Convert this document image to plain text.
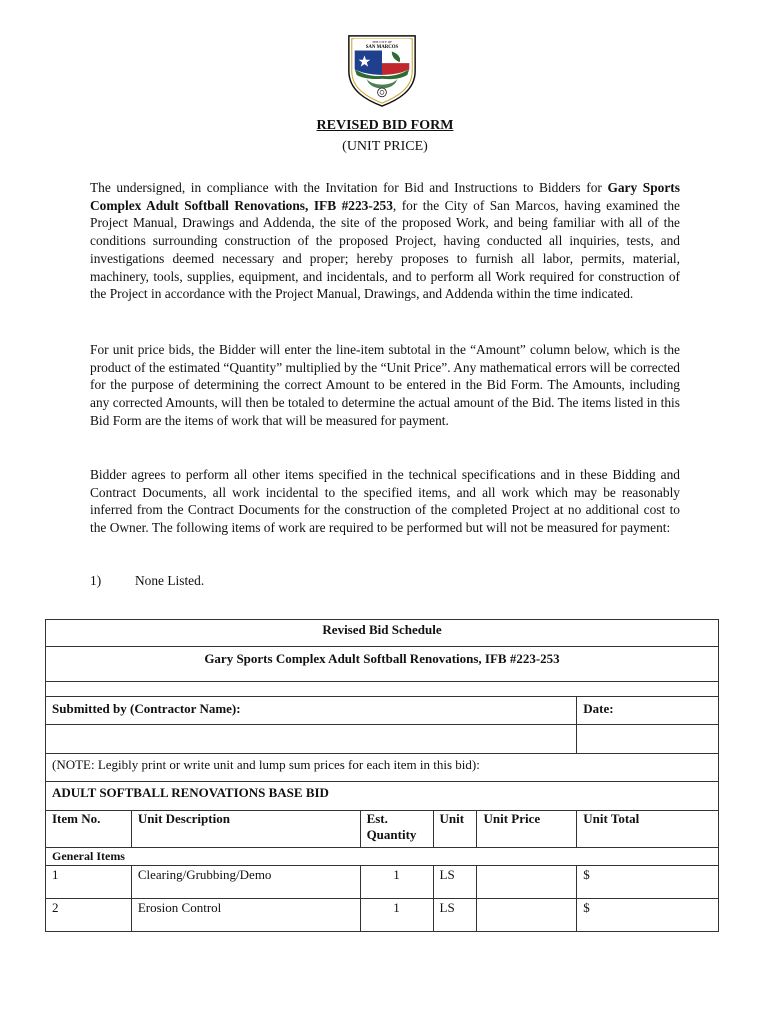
THE CITY OF
SAN MARCOS
REVISED BID FORM
(UNIT PRICE)

The undersigned, in compliance with the Invitation for Bid and Instructions to Bidders for Gary Sports Complex Adult Softball Renovations, IFB #223-253, for the City of San Marcos, having examined the Project Manual, Drawings and Addenda, the site of the proposed Work, and being familiar with all of the conditions surrounding construction of the proposed Project, having conducted all inquiries, tests, and investigations deemed necessary and proper; hereby proposes to furnish all labor, permits, material, machinery, tools, supplies, equipment, and incidentals, and to perform all Work required for construction of the Project in accordance with the Project Manual, Drawings, and Addenda within the time indicated.

For unit price bids, the Bidder will enter the line-item subtotal in the “Amount” column below, which is the product of the estimated “Quantity” multiplied by the “Unit Price”. Any mathematical errors will be corrected for the purpose of determining the correct Amount to be entered in the Bid Form. The Amounts, including any corrected Amounts, will then be totaled to determine the actual amount of the Bid. The items listed in this Bid Form are the items of work that will be measured for payment.

Bidder agrees to perform all other items specified in the technical specifications and in these Bidding and Contract Documents, all work incidental to the specified items, and all work which may be reasonably inferred from the Contract Documents for the construction of the completed Project at no additional cost to the Owner. The following items of work are required to be performed but will not be measured for payment:

1)	None Listed.
Revised Bid Schedule					
Gary Sports Complex Adult Softball Renovations, IFB #223-253					

Submitted by (Contractor Name):					Date:

(NOTE: Legibly print or write unit and lump sum prices for each item in this bid):					
ADULT SOFTBALL RENOVATIONS BASE BID					
Item No.	Unit Description	Est. Quantity	Unit	Unit Price	Unit Total
General Items					
1	Clearing/Grubbing/Demo	1	LS		$
2	Erosion Control	1	LS		$
